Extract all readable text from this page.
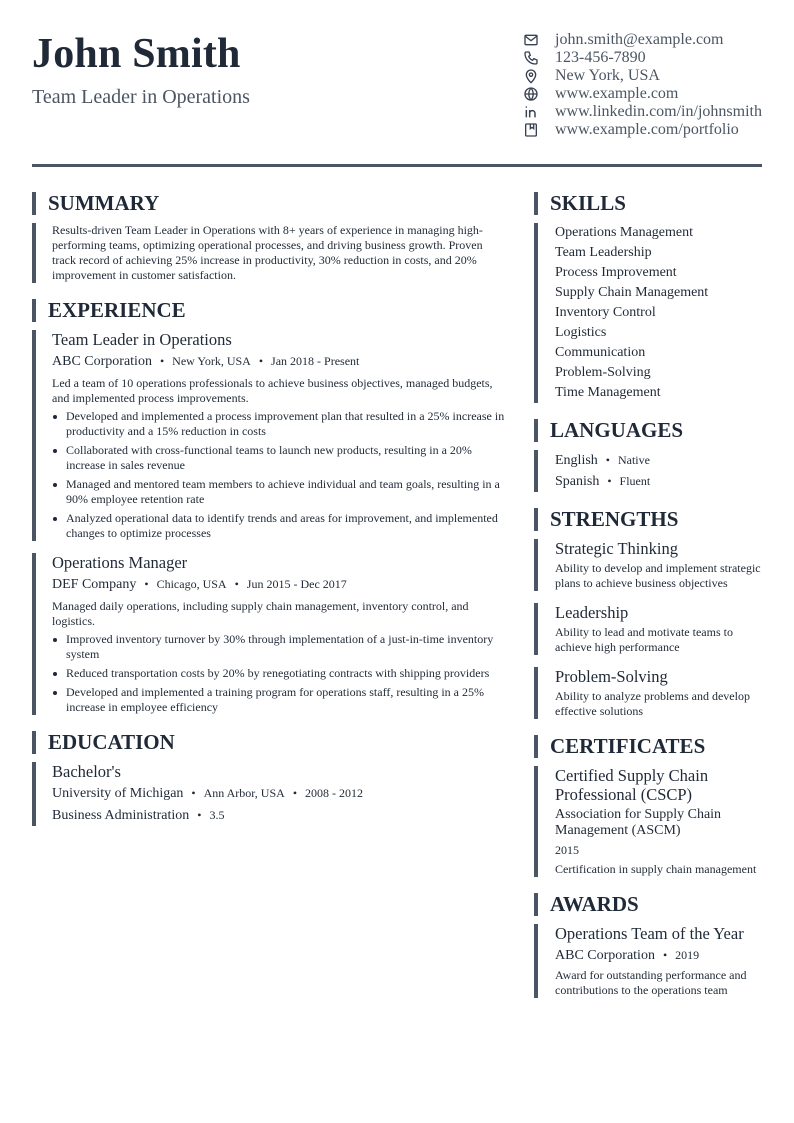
John Smith
Team Leader in Operations
john.smith@example.com
123-456-7890
New York, USA
www.example.com
www.linkedin.com/in/johnsmith
www.example.com/portfolio
SUMMARY
Results-driven Team Leader in Operations with 8+ years of experience in managing high-performing teams, optimizing operational processes, and driving business growth. Proven track record of achieving 25% increase in productivity, 30% reduction in costs, and 20% improvement in customer satisfaction.
EXPERIENCE
Team Leader in Operations
ABC Corporation • New York, USA • Jan 2018 - Present
Led a team of 10 operations professionals to achieve business objectives, managed budgets, and implemented process improvements.
Developed and implemented a process improvement plan that resulted in a 25% increase in productivity and a 15% reduction in costs
Collaborated with cross-functional teams to launch new products, resulting in a 20% increase in sales revenue
Managed and mentored team members to achieve individual and team goals, resulting in a 90% employee retention rate
Analyzed operational data to identify trends and areas for improvement, and implemented changes to optimize processes
Operations Manager
DEF Company • Chicago, USA • Jun 2015 - Dec 2017
Managed daily operations, including supply chain management, inventory control, and logistics.
Improved inventory turnover by 30% through implementation of a just-in-time inventory system
Reduced transportation costs by 20% by renegotiating contracts with shipping providers
Developed and implemented a training program for operations staff, resulting in a 25% increase in employee efficiency
EDUCATION
Bachelor's
University of Michigan • Ann Arbor, USA • 2008 - 2012
Business Administration • 3.5
SKILLS
Operations Management
Team Leadership
Process Improvement
Supply Chain Management
Inventory Control
Logistics
Communication
Problem-Solving
Time Management
LANGUAGES
English • Native
Spanish • Fluent
STRENGTHS
Strategic Thinking
Ability to develop and implement strategic plans to achieve business objectives
Leadership
Ability to lead and motivate teams to achieve high performance
Problem-Solving
Ability to analyze problems and develop effective solutions
CERTIFICATES
Certified Supply Chain Professional (CSCP)
Association for Supply Chain Management (ASCM)
2015
Certification in supply chain management
AWARDS
Operations Team of the Year
ABC Corporation • 2019
Award for outstanding performance and contributions to the operations team
